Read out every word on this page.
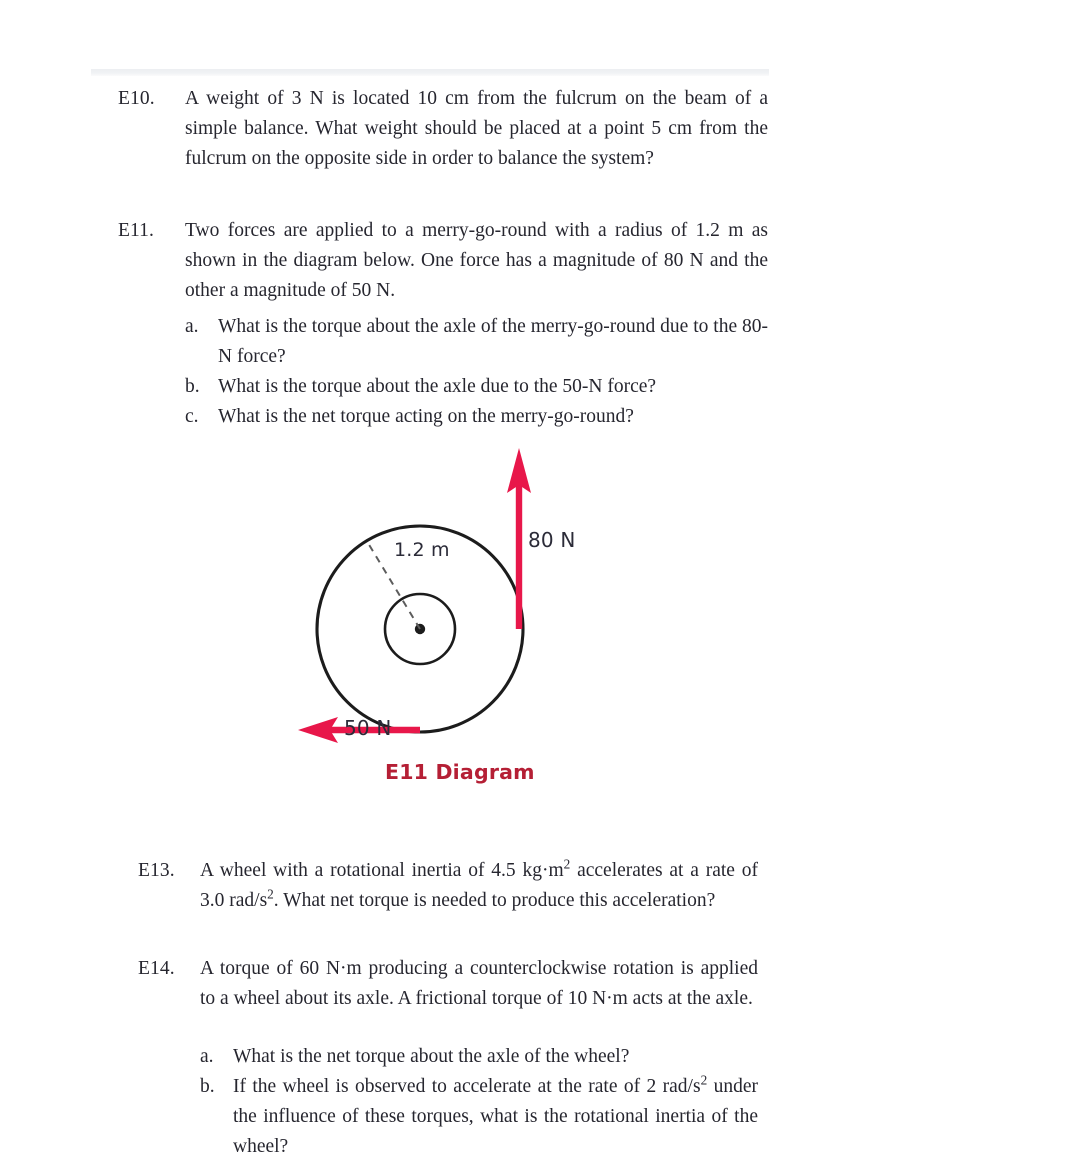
E10. A weight of 3 N is located 10 cm from the fulcrum on the beam of a simple balance. What weight should be placed at a point 5 cm from the fulcrum on the opposite side in order to balance the system?
E11. Two forces are applied to a merry-go-round with a radius of 1.2 m as shown in the diagram below. One force has a magnitude of 80 N and the other a magnitude of 50 N.
a. What is the torque about the axle of the merry-go-round due to the 80-N force?
b. What is the torque about the axle due to the 50-N force?
c. What is the net torque acting on the merry-go-round?
80 N
50 N
1.2 m
E11 Diagram
E13. A wheel with a rotational inertia of 4.5 $kg\cdot m^2$ accelerates at a rate of 3.0 rad/$s^2$. What net torque is needed to produce this acceleration?
E14. A torque of 60 N·m producing a counterclockwise rotation is applied to a wheel about its axle. A frictional torque of 10 N·m acts at the axle.
a. What is the net torque about the axle of the wheel?
b. If the wheel is observed to accelerate at the rate of 2 rad/$s^2$ under the influence of these torques, what is the rotational inertia of the wheel?
